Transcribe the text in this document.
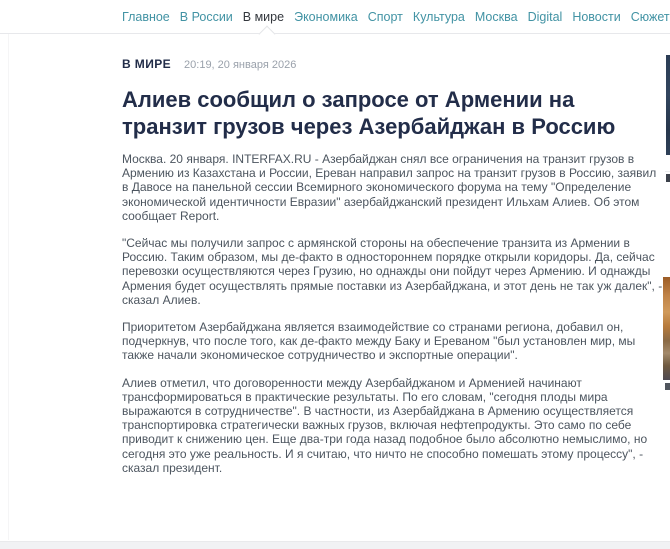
Главное В России В мире Экономика Спорт Культура Москва Digital Новости Сюжет
В МИРЕ 20:19, 20 января 2026
Алиев сообщил о запросе от Армении на транзит грузов через Азербайджан в Россию

Москва. 20 января. INTERFAX.RU - Азербайджан снял все ограничения на транзит грузов в Армению из Казахстана и России, Ереван направил запрос на транзит грузов в Россию, заявил в Давосе на панельной сессии Всемирного экономического форума на тему "Определение экономической идентичности Евразии" азербайджанский президент Ильхам Алиев. Об этом сообщает Report.

"Сейчас мы получили запрос с армянской стороны на обеспечение транзита из Армении в Россию. Таким образом, мы де-факто в одностороннем порядке открыли коридоры. Да, сейчас перевозки осуществляются через Грузию, но однажды они пойдут через Армению. И однажды Армения будет осуществлять прямые поставки из Азербайджана, и этот день не так уж далек", - сказал Алиев.

Приоритетом Азербайджана является взаимодействие со странами региона, добавил он, подчеркнув, что после того, как де-факто между Баку и Ереваном "был установлен мир, мы также начали экономическое сотрудничество и экспортные операции".

Алиев отметил, что договоренности между Азербайджаном и Арменией начинают трансформироваться в практические результаты. По его словам, "сегодня плоды мира выражаются в сотрудничестве". В частности, из Азербайджана в Армению осуществляется транспортировка стратегически важных грузов, включая нефтепродукты. Это само по себе приводит к снижению цен. Еще два-три года назад подобное было абсолютно немыслимо, но сегодня это уже реальность. И я считаю, что ничто не способно помешать этому процессу", - сказал президент.
